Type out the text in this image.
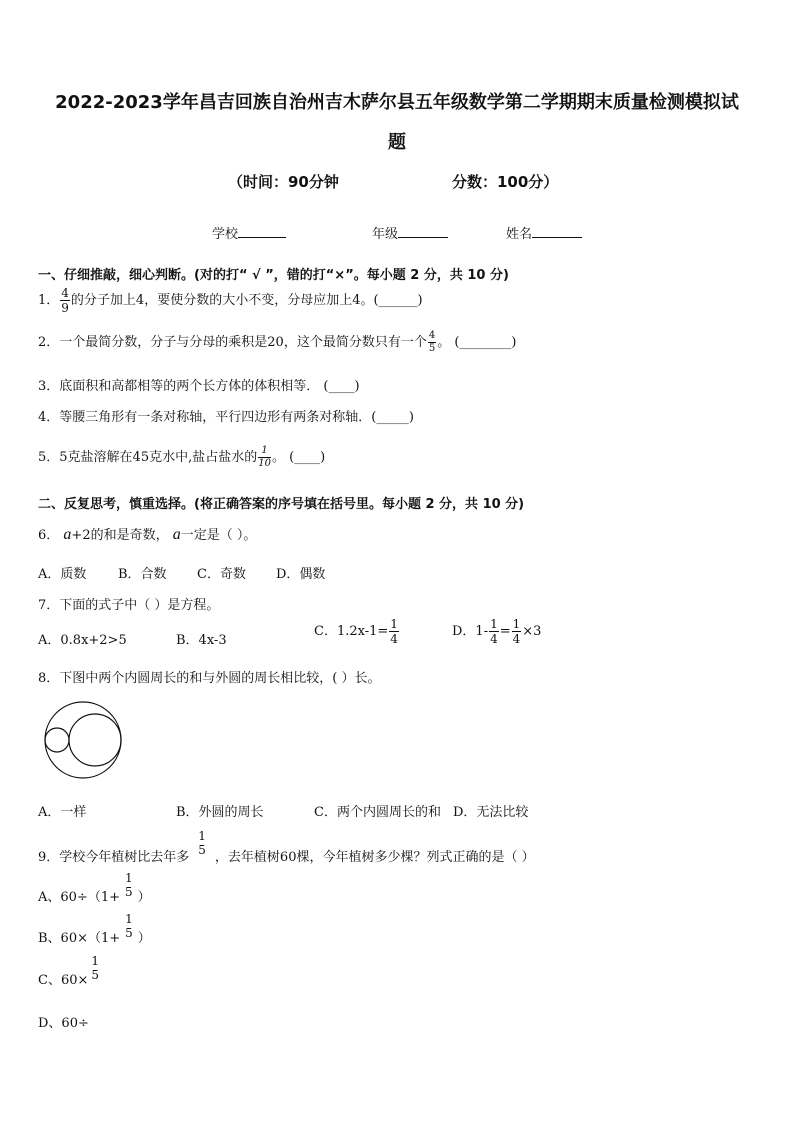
2022-2023学年昌吉回族自治州吉木萨尔县五年级数学第二学期期末质量检测模拟试
题
（时间：90分钟	分数：100分）
学校	年级	姓名
一、仔细推敲，细心判断。(对的打“ √ ”，错的打“×”。每小题 2 分，共 10 分)
1． $\frac{4}{9}$ 的分子加上4，要使分数的大小不变，分母应加上4。(______)
2．一个最简分数，分子与分母的乘积是20，这个最简分数只有一个 $\frac{4}{5}$ 。 (________)
3．底面积和高都相等的两个长方体的体积相等． (____)
4．等腰三角形有一条对称轴，平行四边形有两条对称轴．(_____)
5．5克盐溶解在45克水中,盐占盐水的 $\frac{1}{10}$ 。 (____)
二、反复思考，慎重选择。(将正确答案的序号填在括号里。每小题 2 分，共 10 分)
6． a+2的和是奇数， a一定是（ ）。
A．质数 B．合数 C．奇数 D．偶数
7．下面的式子中（ ）是方程。
A．0.8x+2>5	B．4x-3
C．$1.2x-1= \frac{1}{4}$	D．$1- \frac{1}{4} = \frac{1}{4} \times 3$
8．下图中两个内圆周长的和与外圆的周长相比较，( ）长。
A．一样	B．外圆的周长	C．两个内圆周长的和 D．无法比较
9．学校今年植树比去年多
1
5 ，去年植树60棵，今年植树多少棵？列式正确的是（ ）
A、60÷（1+
1
5 ）
B、60×（1+
1
5 ）
C、60×
1
5
D、60÷
